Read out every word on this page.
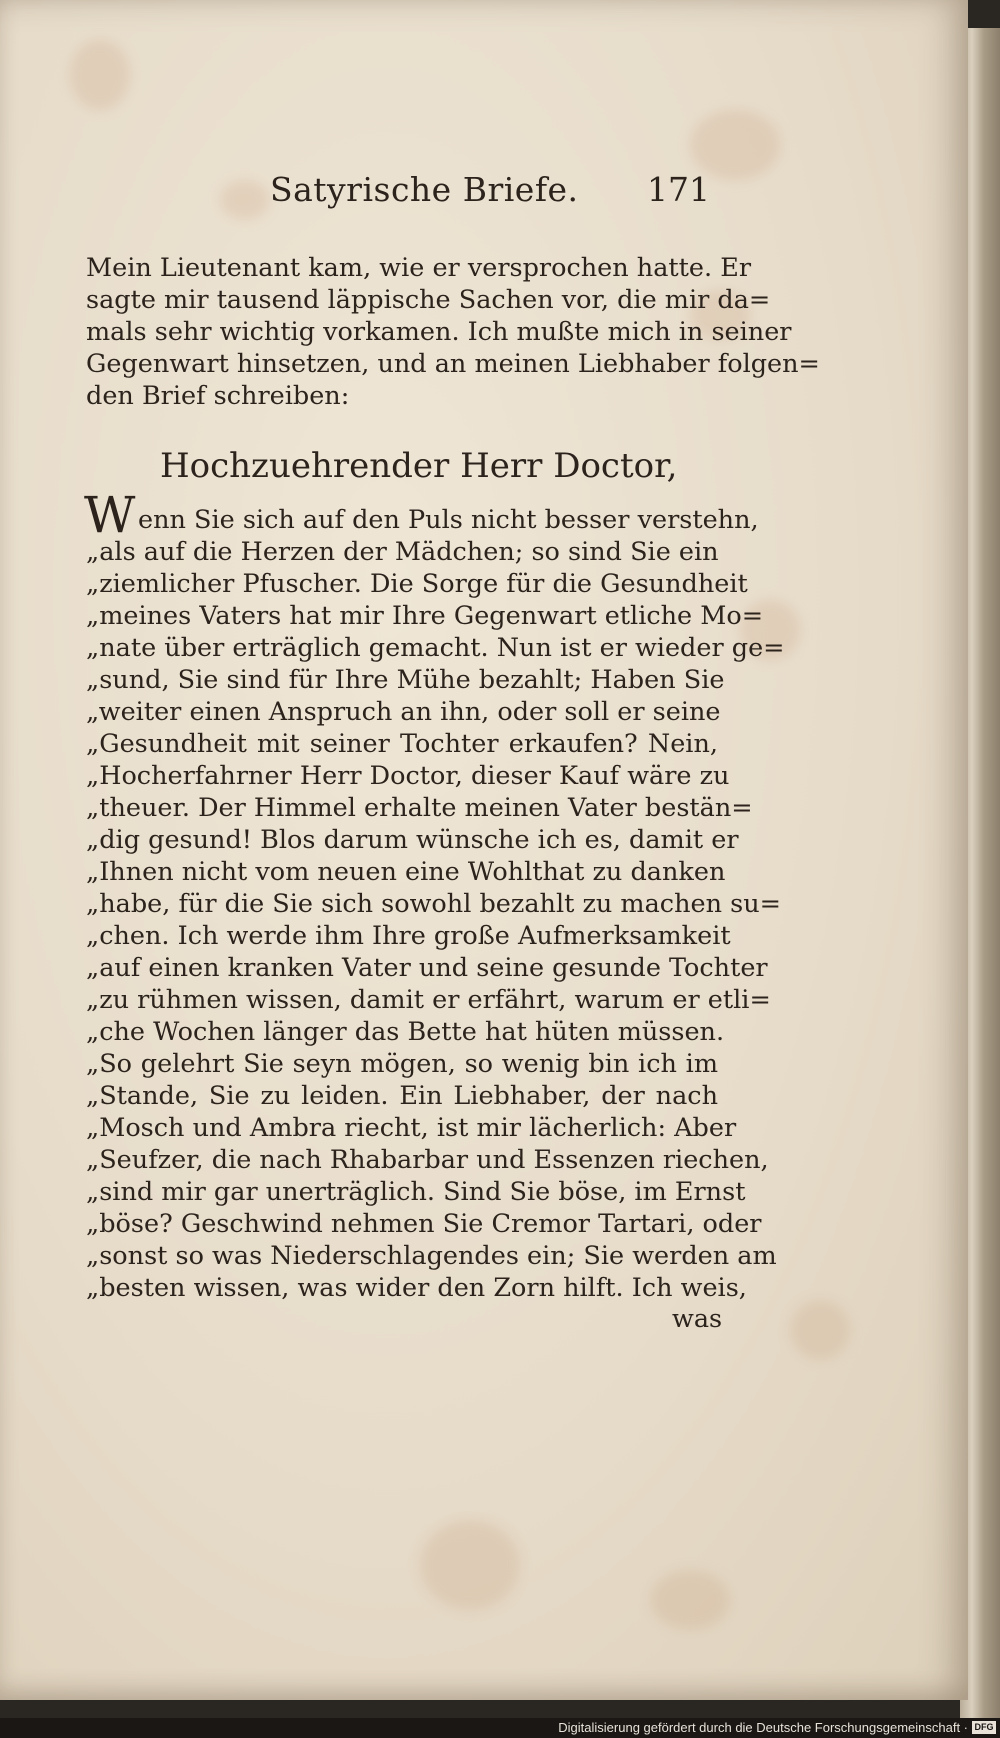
Satyrische Briefe. 171
Mein Lieutenant kam, wie er versprochen hatte. Er
sagte mir tausend läppische Sachen vor, die mir da=
mals sehr wichtig vorkamen. Ich mußte mich in seiner
Gegenwart hinsetzen, und an meinen Liebhaber folgen=
den Brief schreiben:
Hochzuehrender Herr Doctor,
W enn Sie sich auf den Puls nicht besser verstehn,
„als auf die Herzen der Mädchen; so sind Sie ein
„ziemlicher Pfuscher. Die Sorge für die Gesundheit
„meines Vaters hat mir Ihre Gegenwart etliche Mo=
„nate über erträglich gemacht. Nun ist er wieder ge=
„sund, Sie sind für Ihre Mühe bezahlt; Haben Sie
„weiter einen Anspruch an ihn, oder soll er seine
„Gesundheit mit seiner Tochter erkaufen? Nein,
„Hocherfahrner Herr Doctor, dieser Kauf wäre zu
„theuer. Der Himmel erhalte meinen Vater bestän=
„dig gesund! Blos darum wünsche ich es, damit er
„Ihnen nicht vom neuen eine Wohlthat zu danken
„habe, für die Sie sich sowohl bezahlt zu machen su=
„chen. Ich werde ihm Ihre große Aufmerksamkeit
„auf einen kranken Vater und seine gesunde Tochter
„zu rühmen wissen, damit er erfährt, warum er etli=
„che Wochen länger das Bette hat hüten müssen.
„So gelehrt Sie seyn mögen, so wenig bin ich im
„Stande, Sie zu leiden. Ein Liebhaber, der nach
„Mosch und Ambra riecht, ist mir lächerlich: Aber
„Seufzer, die nach Rhabarbar und Essenzen riechen,
„sind mir gar unerträglich. Sind Sie böse, im Ernst
„böse? Geschwind nehmen Sie Cremor Tartari, oder
„sonst so was Niederschlagendes ein; Sie werden am
„besten wissen, was wider den Zorn hilft. Ich weis,
was
Digitalisierung gefördert durch die Deutsche Forschungsgemeinschaft · DFG
